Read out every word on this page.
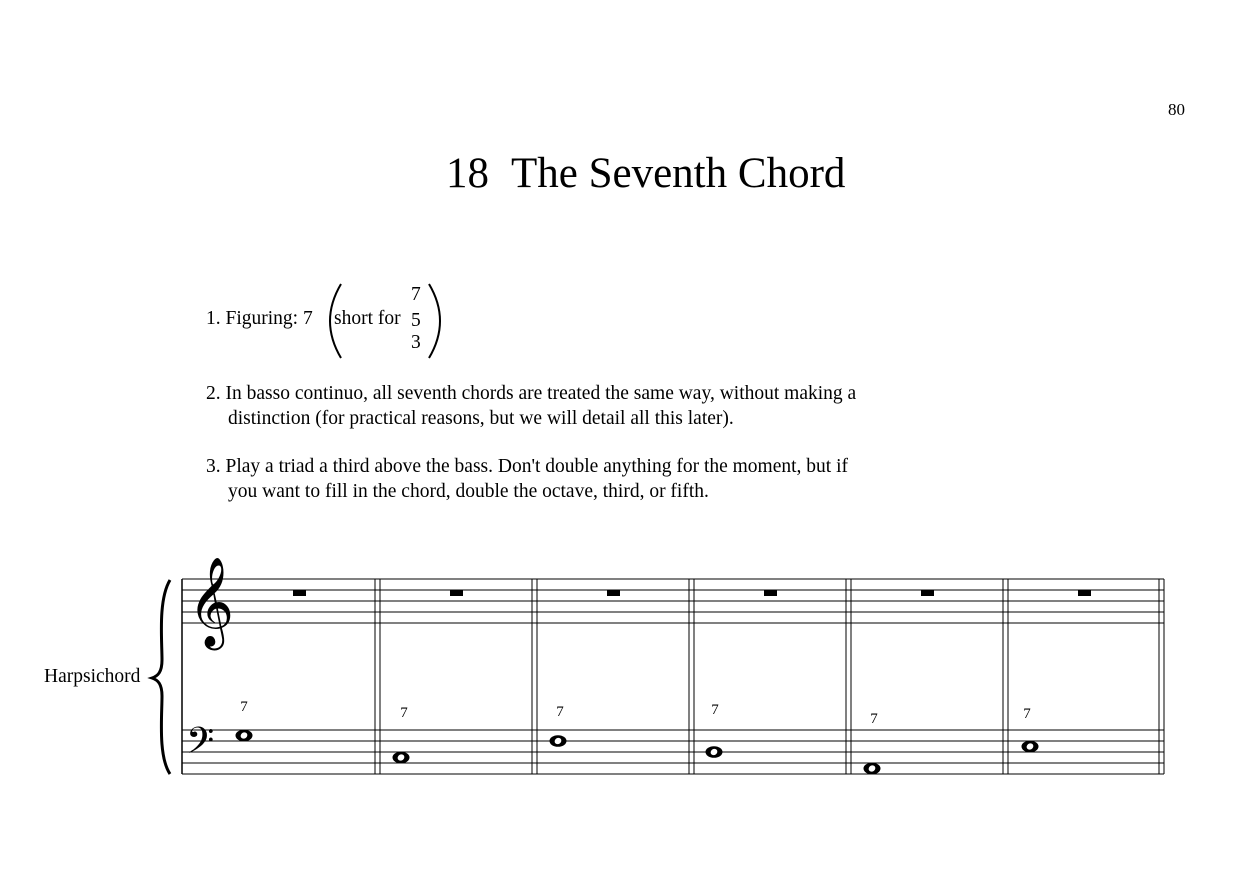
80
18 The Seventh Chord
1. Figuring: 7 short for
7
5
3
2. In basso continuo, all seventh chords are treated the same way, without making a
distinction (for practical reasons, but we will detail all this later).
3. Play a triad a third above the bass. Don't double anything for the moment, but if
you want to fill in the chord, double the octave, third, or fifth.
Harpsichord
𝄞
𝄢
7	7	7	7
7	7
